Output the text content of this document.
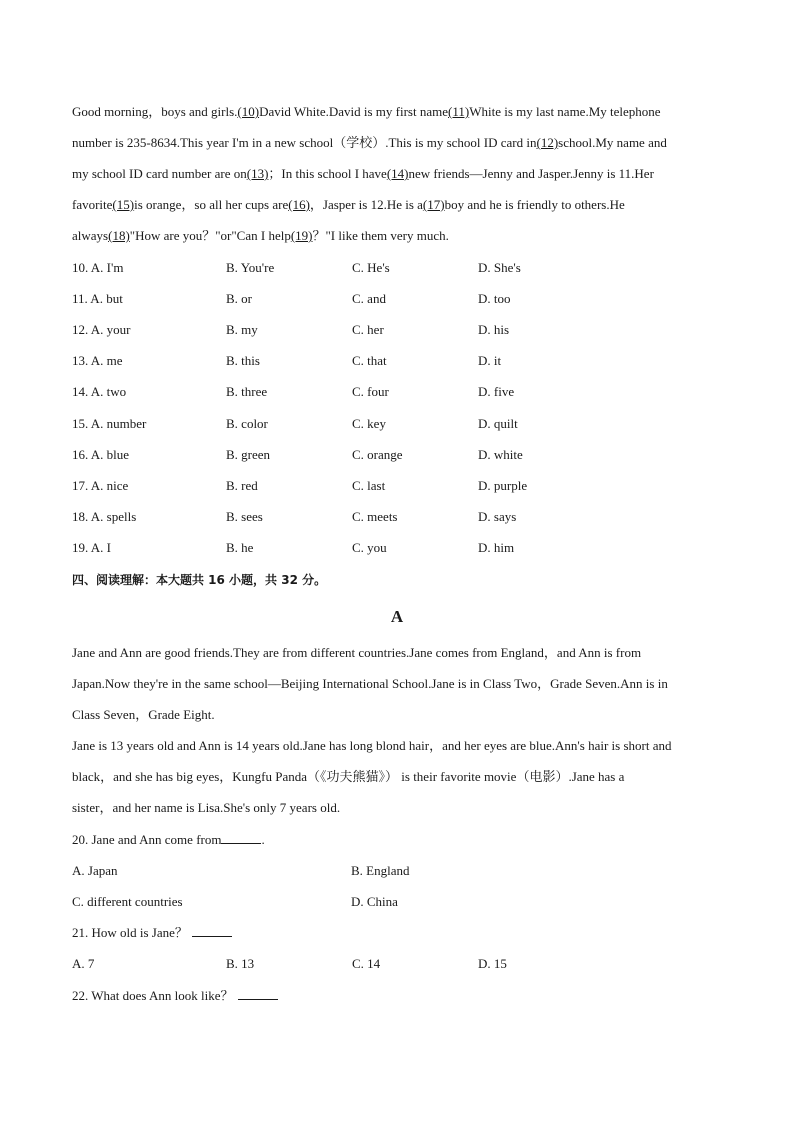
Good morning，boys and girls.(10)David White.David is my first name(11)White is my last name.My telephone
number is 235-8634.This year I'm in a new school（学校）.This is my school ID card in(12)school.My name and
my school ID card number are on(13)；In this school I have(14)new friends—Jenny and Jasper.Jenny is 11.Her
favorite(15)is orange，so all her cups are(16)，Jasper is 12.He is a(17)boy and he is friendly to others.He
always(18)"How are you？"or"Can I help(19)？"I like them very much.
10. A. I'm	B. You're	C. He's	D. She's
11. A. but	B. or	C. and	D. too
12. A. your	B. my	C. her	D. his
13. A. me	B. this	C. that	D. it
14. A. two	B. three	C. four	D. five
15. A. number	B. color	C. key	D. quilt
16. A. blue	B. green	C. orange	D. white
17. A. nice	B. red	C. last	D. purple
18. A. spells	B. sees	C. meets	D. says
19. A. I	B. he	C. you	D. him
四、阅读理解：本大题共 16 小题，共 32 分。
A
Jane and Ann are good friends.They are from different countries.Jane comes from England，and Ann is from
Japan.Now they're in the same school—Beijing International School.Jane is in Class Two，Grade Seven.Ann is in
Class Seven，Grade Eight.
Jane is 13 years old and Ann is 14 years old.Jane has long blond hair，and her eyes are blue.Ann's hair is short and
black，and she has big eyes，Kungfu Panda（《功夫熊猫》） is their favorite movie（电影）.Jane has a
sister，and her name is Lisa.She's only 7 years old.
20. Jane and Ann come from	.
A. Japan	B. England
C. different countries	D. China
21. How old is Jane？
A. 7	B. 13	C. 14	D. 15
22. What does Ann look like？
